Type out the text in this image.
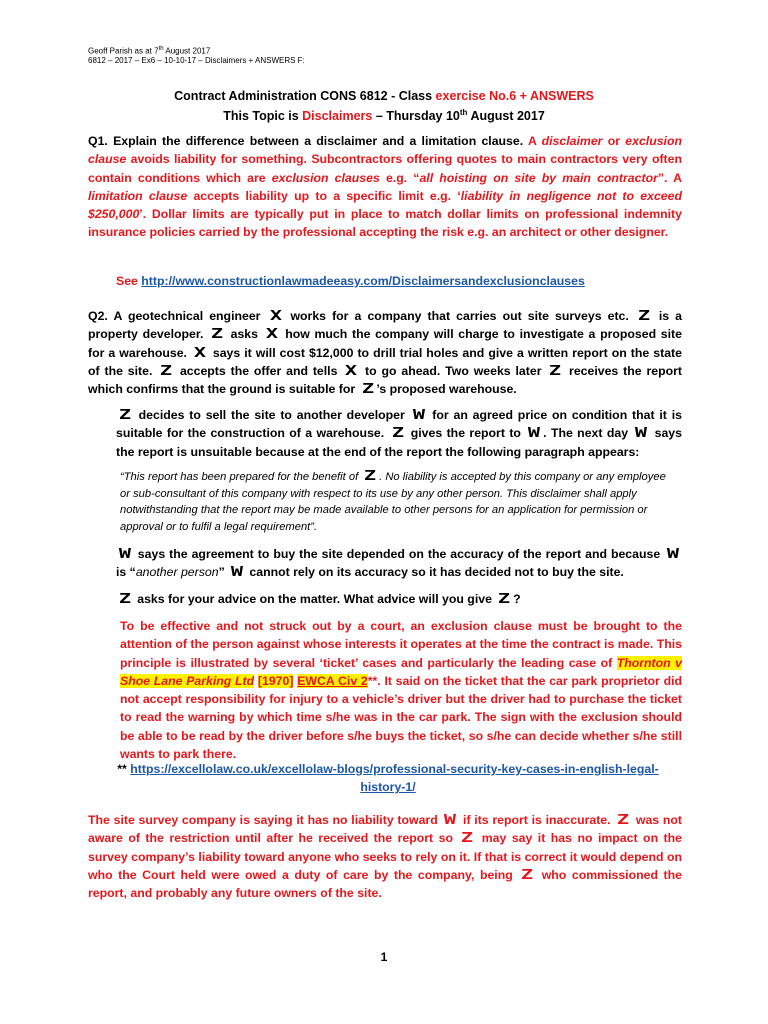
Geoff Parish as at 7th August 2017
6812 – 2017 – Ex6 – 10-10-17 – Disclaimers + ANSWERS F:
Contract Administration CONS 6812 - Class exercise No.6 + ANSWERS
This Topic is Disclaimers – Thursday 10th August 2017
Q1. Explain the difference between a disclaimer and a limitation clause. A disclaimer or exclusion clause avoids liability for something. Subcontractors offering quotes to main contractors very often contain conditions which are exclusion clauses e.g. “all hoisting on site by main contractor”. A limitation clause accepts liability up to a specific limit e.g. ‘liability in negligence not to exceed $250,000’. Dollar limits are typically put in place to match dollar limits on professional indemnity insurance policies carried by the professional accepting the risk e.g. an architect or other designer.
See http://www.constructionlawmadeeasy.com/Disclaimersandexclusionclauses
Q2. A geotechnical engineer X works for a company that carries out site surveys etc. Z is a property developer. Z asks X how much the company will charge to investigate a proposed site for a warehouse. X says it will cost $12,000 to drill trial holes and give a written report on the state of the site. Z accepts the offer and tells X to go ahead. Two weeks later Z receives the report which confirms that the ground is suitable for Z ’s proposed warehouse.
Z decides to sell the site to another developer W for an agreed price on condition that it is suitable for the construction of a warehouse. Z gives the report to W . The next day W says the report is unsuitable because at the end of the report the following paragraph appears:
“This report has been prepared for the benefit of Z . No liability is accepted by this company or any employee or sub-consultant of this company with respect to its use by any other person. This disclaimer shall apply notwithstanding that the report may be made available to other persons for an application for permission or approval or to fulfil a legal requirement”.
W says the agreement to buy the site depended on the accuracy of the report and because W is “another person” W cannot rely on its accuracy so it has decided not to buy the site.
Z asks for your advice on the matter. What advice will you give Z ?
To be effective and not struck out by a court, an exclusion clause must be brought to the attention of the person against whose interests it operates at the time the contract is made. This principle is illustrated by several ‘ticket’ cases and particularly the leading case of Thornton v Shoe Lane Parking Ltd [1970] EWCA Civ 2**. It said on the ticket that the car park proprietor did not accept responsibility for injury to a vehicle’s driver but the driver had to purchase the ticket to read the warning by which time s/he was in the car park. The sign with the exclusion should be able to be read by the driver before s/he buys the ticket, so s/he can decide whether s/he still wants to park there.
** https://excellolaw.co.uk/excellolaw-blogs/professional-security-key-cases-in-english-legal-history-1/
The site survey company is saying it has no liability toward W if its report is inaccurate. Z was not aware of the restriction until after he received the report so Z may say it has no impact on the survey company’s liability toward anyone who seeks to rely on it. If that is correct it would depend on who the Court held were owed a duty of care by the company, being Z who commissioned the report, and probably any future owners of the site.
1
